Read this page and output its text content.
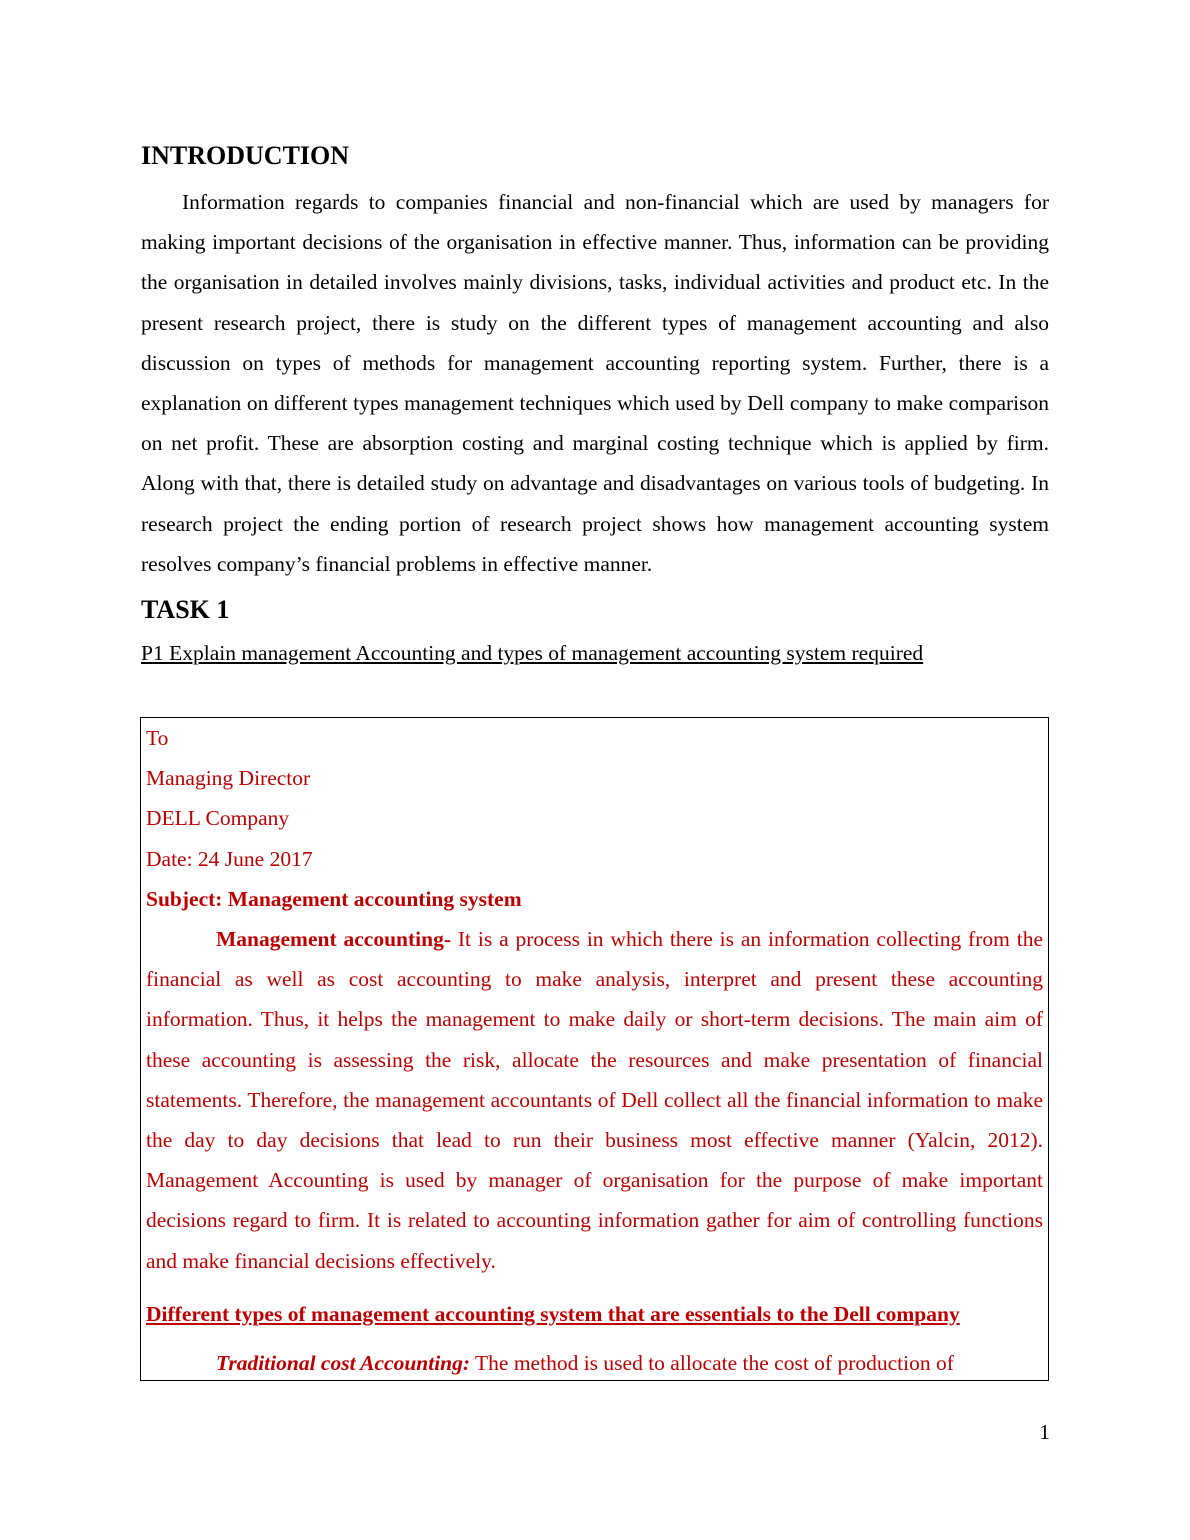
INTRODUCTION

Information regards to companies financial and non-financial which are used by managers for making important decisions of the organisation in effective manner. Thus, information can be providing the organisation in detailed involves mainly divisions, tasks, individual activities and product etc. In the present research project, there is study on the different types of management accounting and also discussion on types of methods for management accounting reporting system. Further, there is a explanation on different types management techniques which used by Dell company to make comparison on net profit. These are absorption costing and marginal costing technique which is applied by firm. Along with that, there is detailed study on advantage and disadvantages on various tools of budgeting. In research project the ending portion of research project shows how management accounting system resolves company’s financial problems in effective manner.

TASK 1

P1 Explain management Accounting and types of management accounting system required

To

Managing Director

DELL Company

Date: 24 June 2017

Subject: Management accounting system

Management accounting- It is a process in which there is an information collecting from the financial as well as cost accounting to make analysis, interpret and present these accounting information. Thus, it helps the management to make daily or short-term decisions. The main aim of these accounting is assessing the risk, allocate the resources and make presentation of financial statements. Therefore, the management accountants of Dell collect all the financial information to make the day to day decisions that lead to run their business most effective manner (Yalcin, 2012). Management Accounting is used by manager of organisation for the purpose of make important decisions regard to firm. It is related to accounting information gather for aim of controlling functions and make financial decisions effectively.

Different types of management accounting system that are essentials to the Dell company

Traditional cost Accounting: The method is used to allocate the cost of production of

1
